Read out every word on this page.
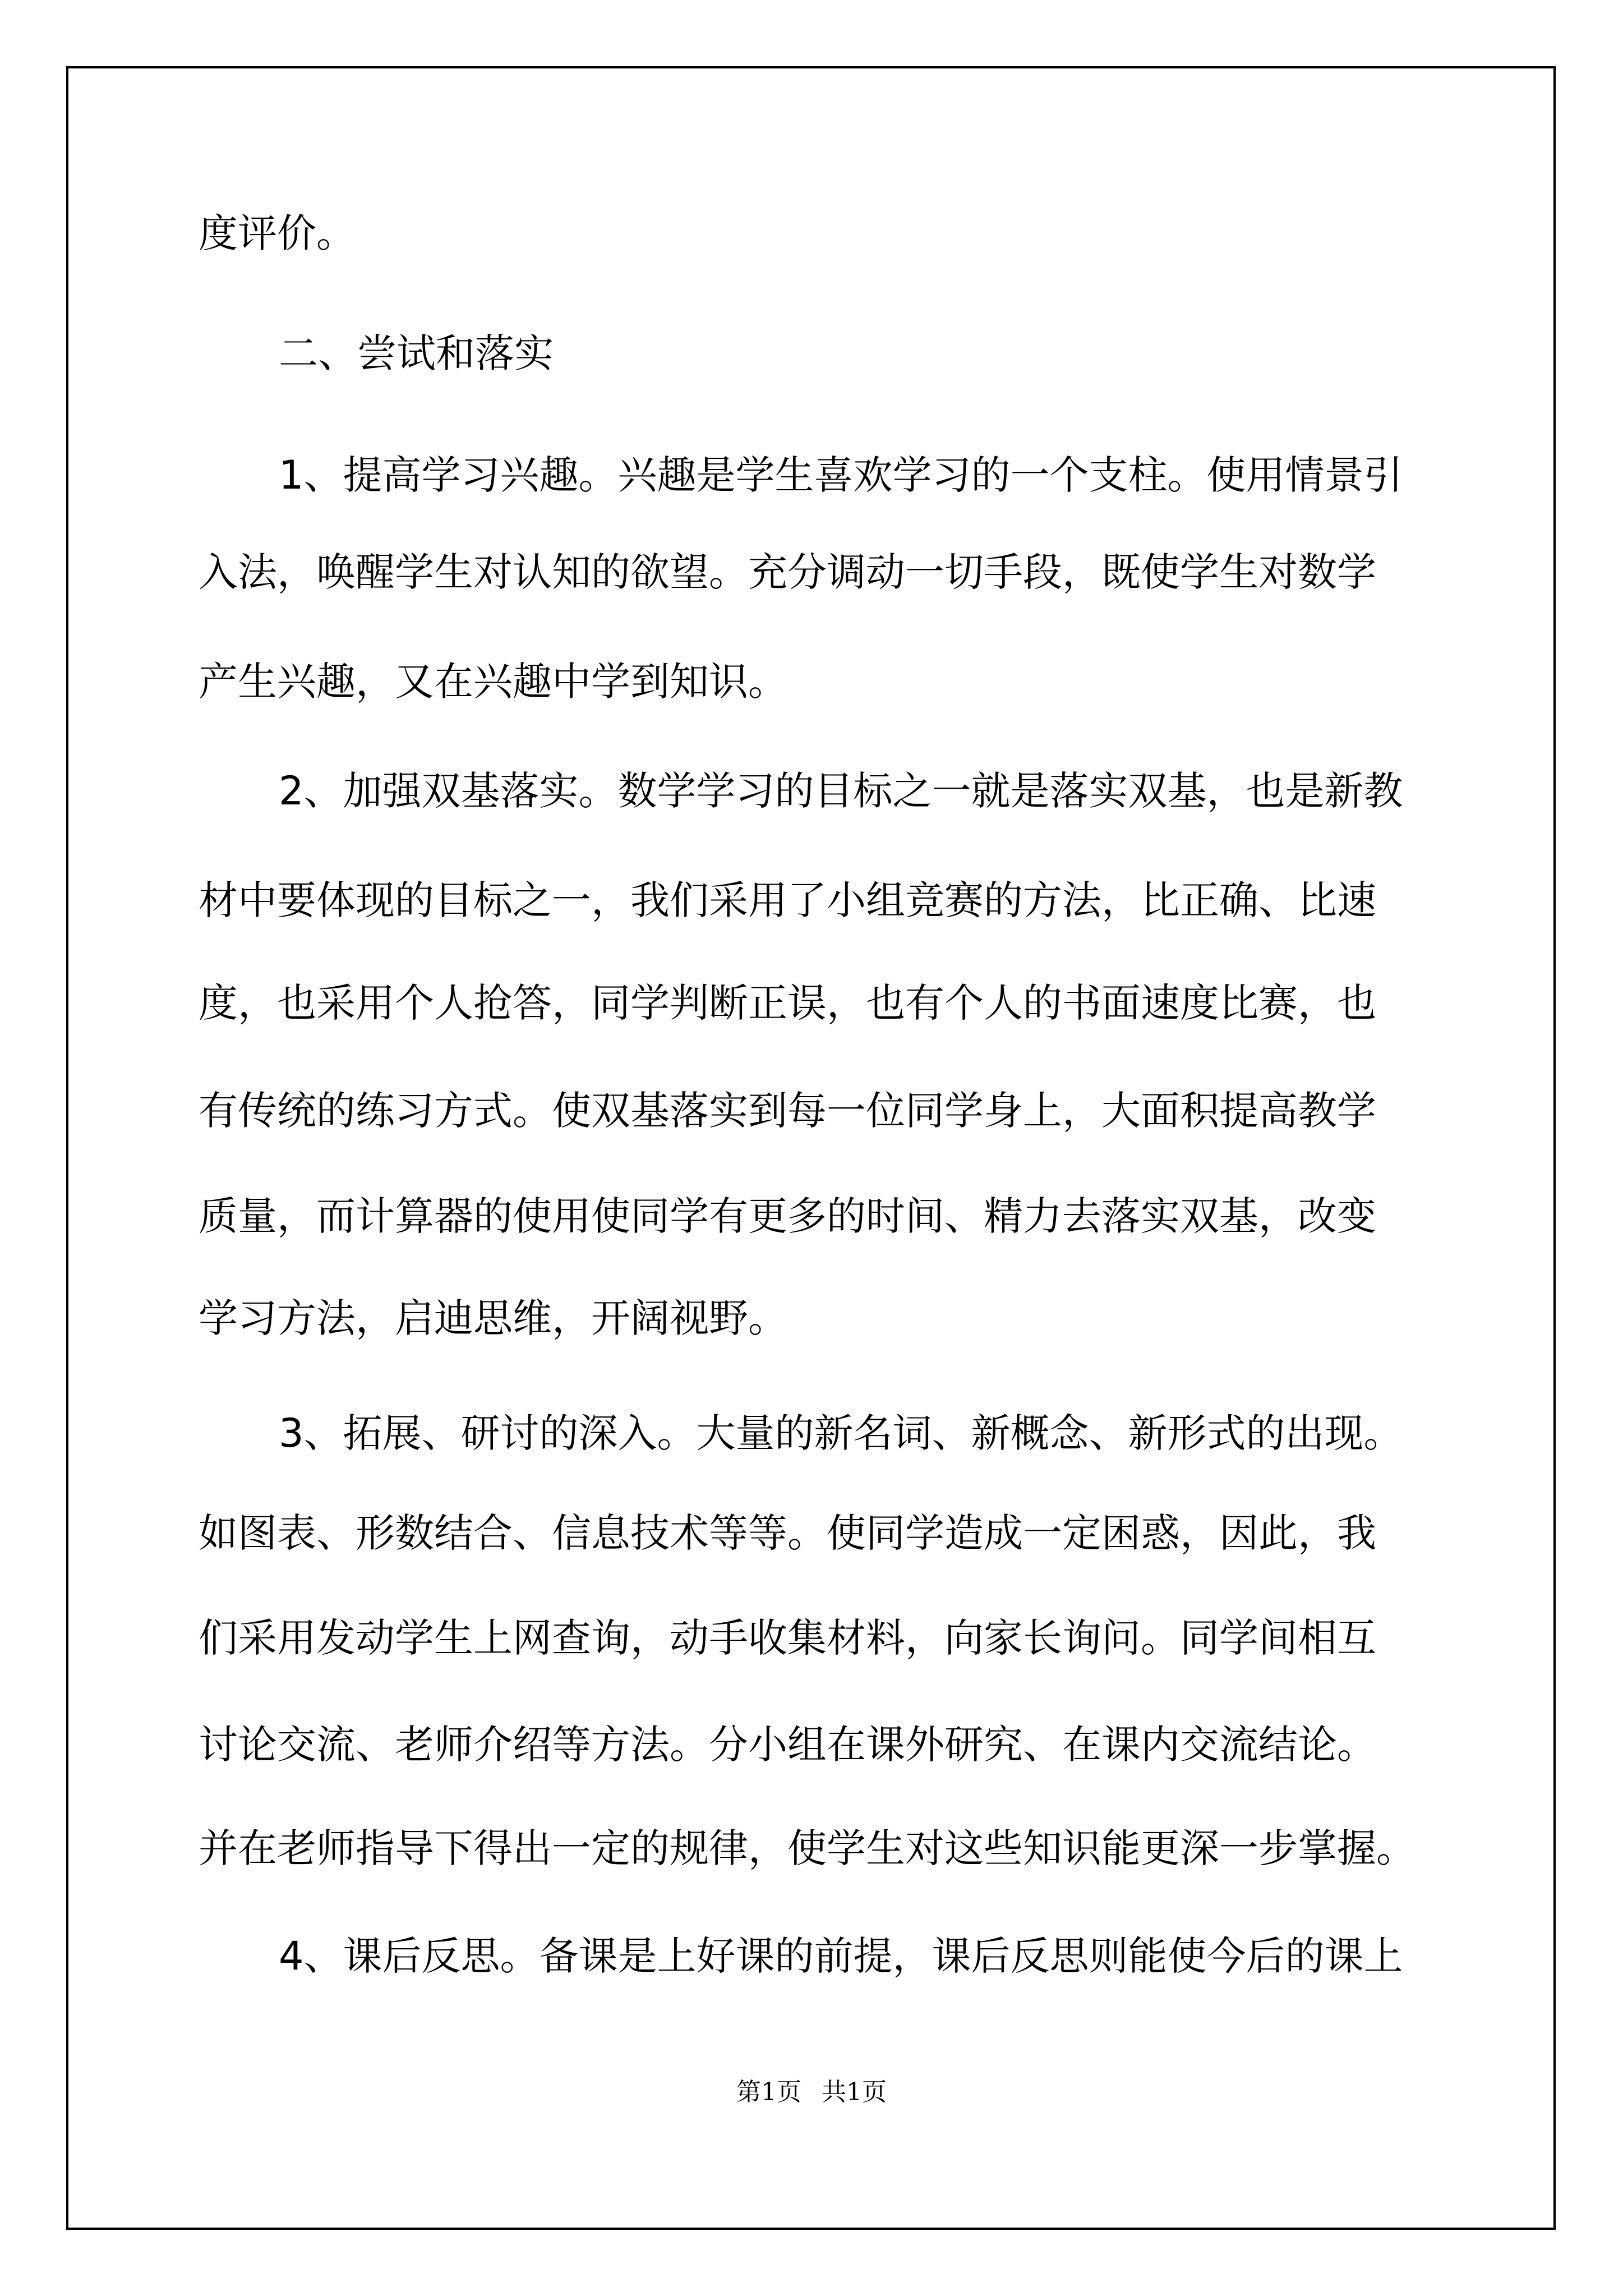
度评价。
二、尝试和落实
1、提高学习兴趣。兴趣是学生喜欢学习的一个支柱。使用情景引
入法，唤醒学生对认知的欲望。充分调动一切手段，既使学生对数学
产生兴趣，又在兴趣中学到知识。
2、加强双基落实。数学学习的目标之一就是落实双基，也是新教
材中要体现的目标之一，我们采用了小组竞赛的方法，比正确、比速
度，也采用个人抢答，同学判断正误，也有个人的书面速度比赛，也
有传统的练习方式。使双基落实到每一位同学身上，大面积提高教学
质量，而计算器的使用使同学有更多的时间、精力去落实双基，改变
学习方法，启迪思维，开阔视野。
3、拓展、研讨的深入。大量的新名词、新概念、新形式的出现。
如图表、形数结合、信息技术等等。使同学造成一定困惑，因此，我
们采用发动学生上网查询，动手收集材料，向家长询问。同学间相互
讨论交流、老师介绍等方法。分小组在课外研究、在课内交流结论。
并在老师指导下得出一定的规律，使学生对这些知识能更深一步掌握。
4、课后反思。备课是上好课的前提，课后反思则能使今后的课上
第1页 共1页
